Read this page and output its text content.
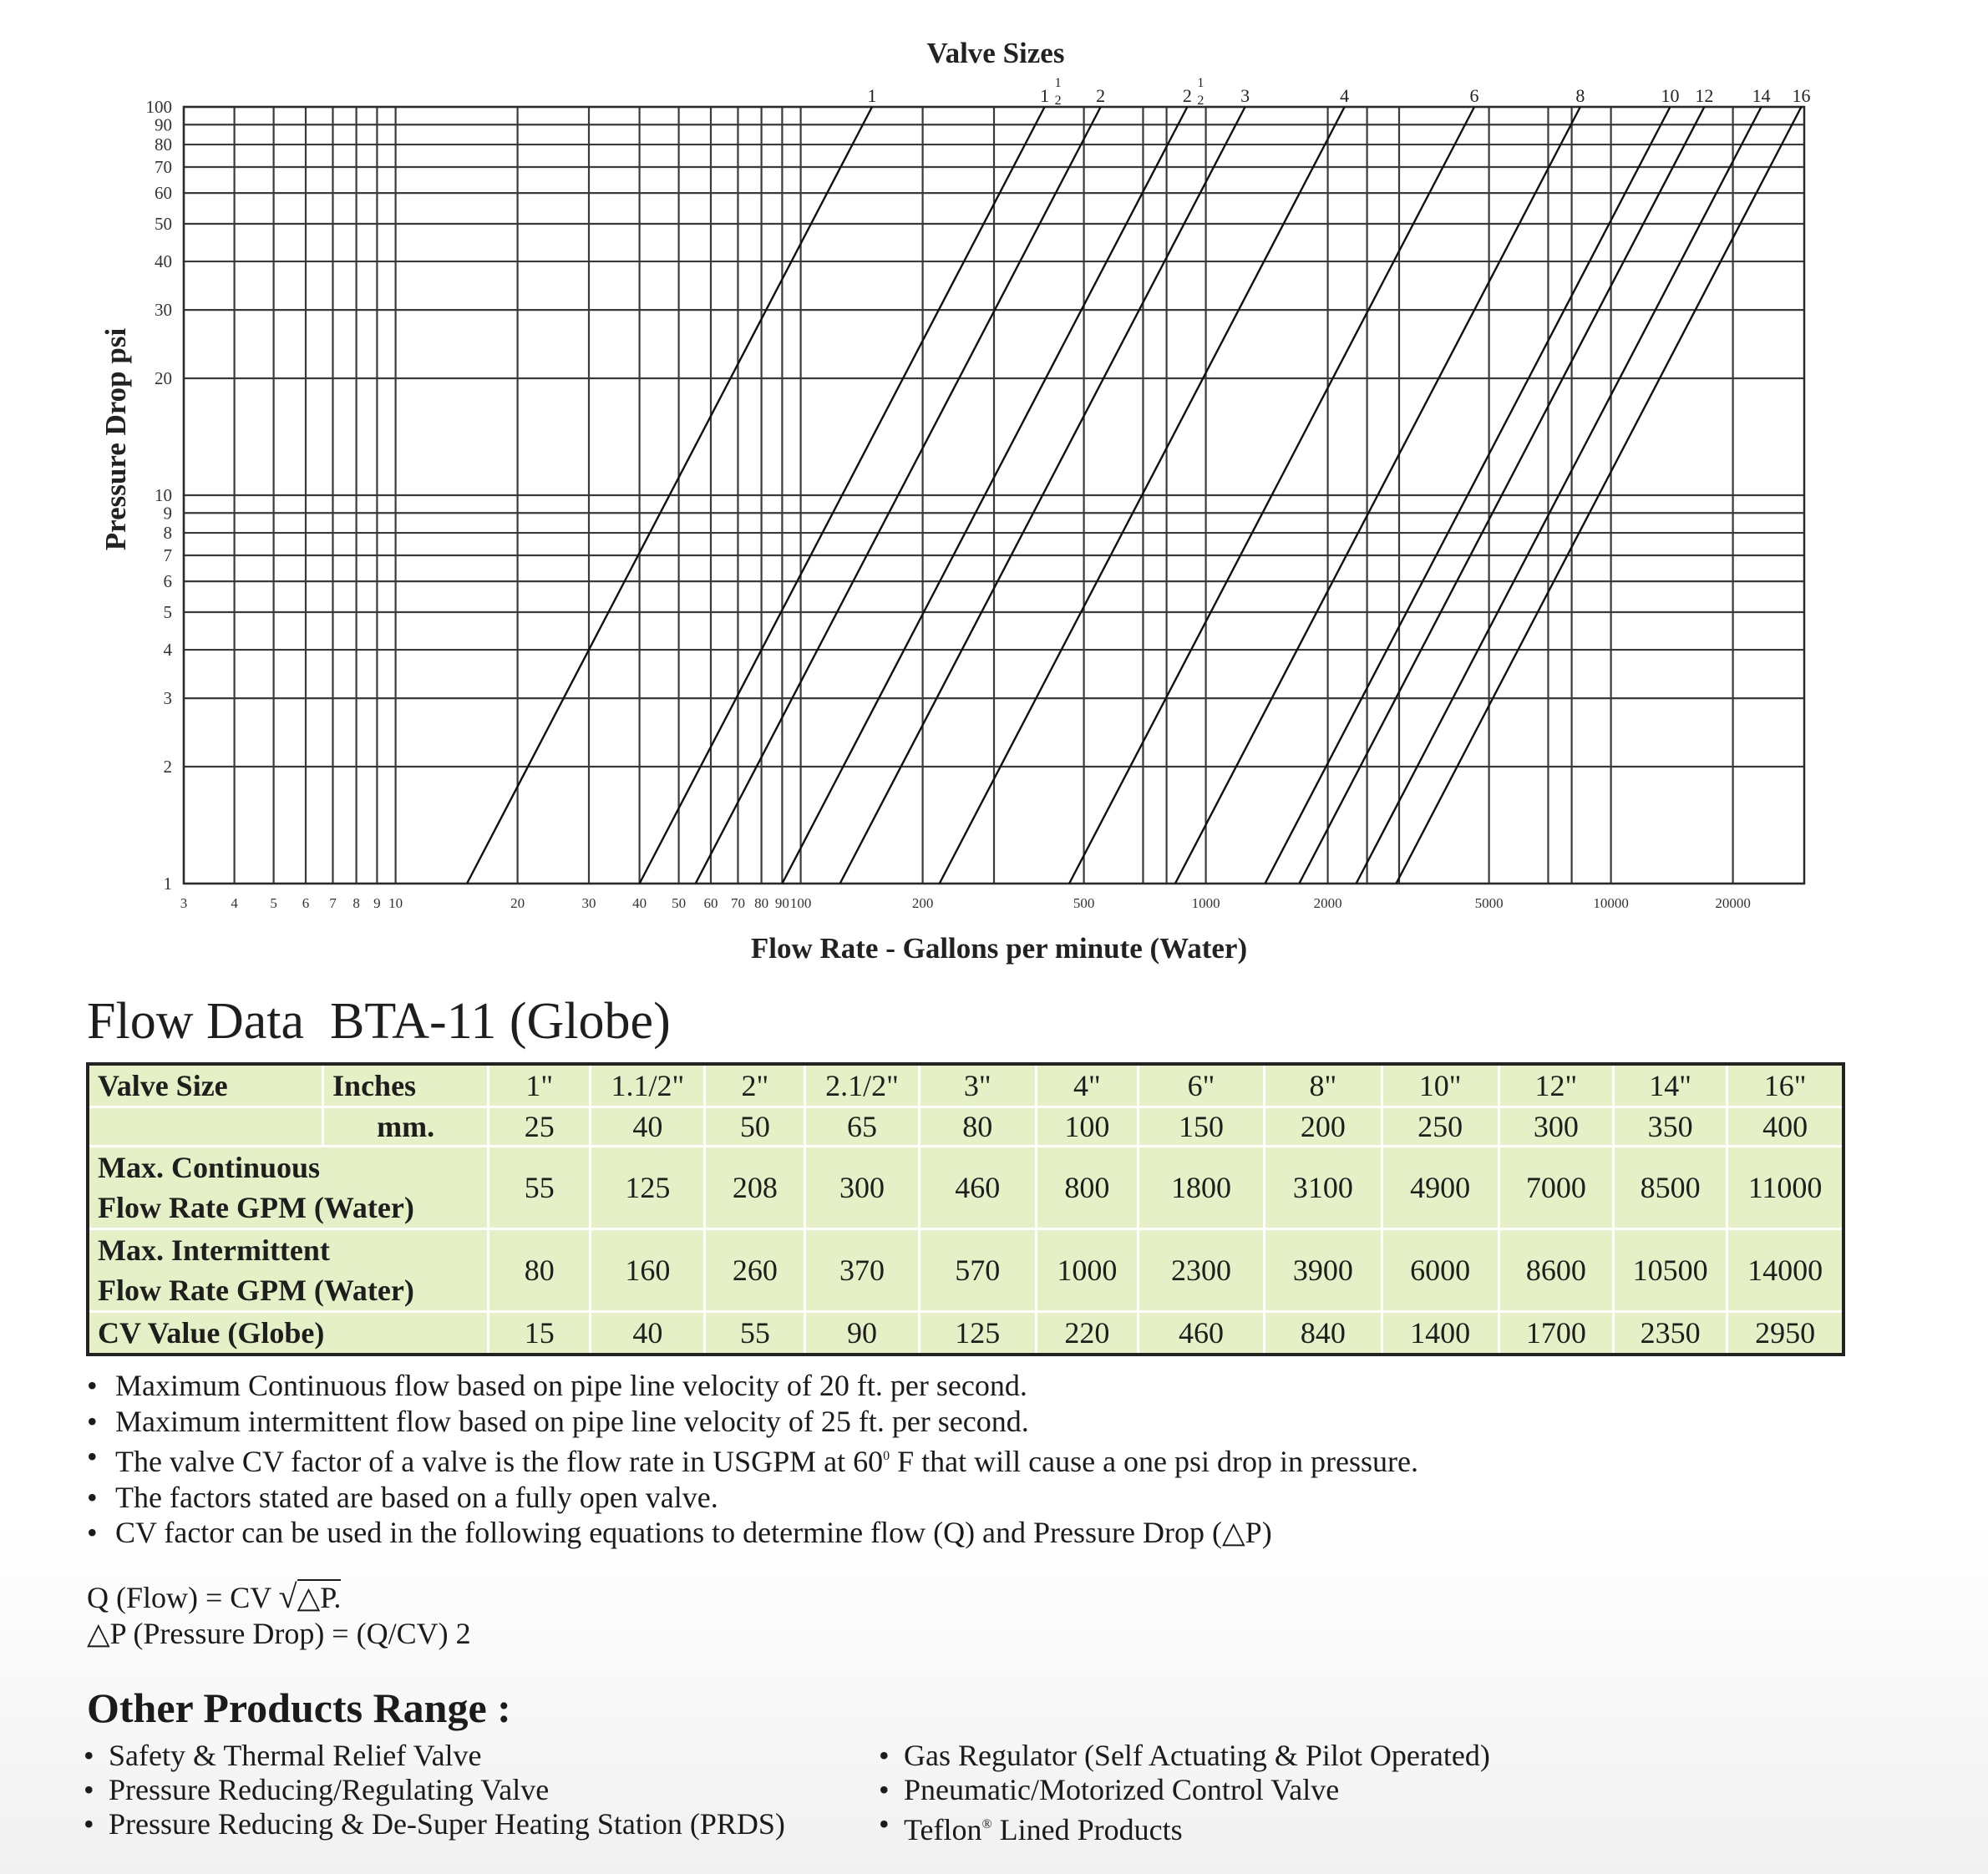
1	1
1
2 2	2
1
2 3	4	6	8	10 12 14 16
3	4 5 6 7 8 9 10	20	30	40 50 60 70 80 90 100	200	500	1000	2000	5000	10000	20000
1
2
3
4
5
6
7
8
9
10
20
30
40
50
60
70
80
90
100
Valve Sizes
Flow Rate - Gallons per minute (Water)
Pressure Drop psi
Flow Data  BTA-11 (Globe)
Valve Size	Inches	1"	1.1/2"	2"	2.1/2"	3"	4"	6"	8"	10"	12"	14"	16"
	mm.	25	40	50	65	80	100	150	200	250	300	350	400

Max. Continuous
Flow Rate GPM (Water)		55	125	208	300	460	800	1800	3100	4900	7000	8500	11000

Max. Intermittent
Flow Rate GPM (Water)		80	160	260	370	570	1000	2300	3900	6000	8600	10500	14000
CV Value (Globe)		15	40	55	90	125	220	460	840	1400	1700	2350	2950
• Maximum Continuous flow based on pipe line velocity of 20 ft. per second.
• Maximum intermittent flow based on pipe line velocity of 25 ft. per second.
• The valve CV factor of a valve is the flow rate in USGPM at $60^0$ F that will cause a one psi drop in pressure.
• The factors stated are based on a fully open valve.
• CV factor can be used in the following equations to determine flow (Q) and Pressure Drop (△P)
Q (Flow) = CV √△P.
△P (Pressure Drop) = (Q/CV) 2
Other Products Range :
• Safety & Thermal Relief Valve
• Pressure Reducing/Regulating Valve
• Pressure Reducing & De-Super Heating Station (PRDS)
• Gas Regulator (Self Actuating & Pilot Operated)
• Pneumatic/Motorized Control Valve
• Teflon® Lined Products
